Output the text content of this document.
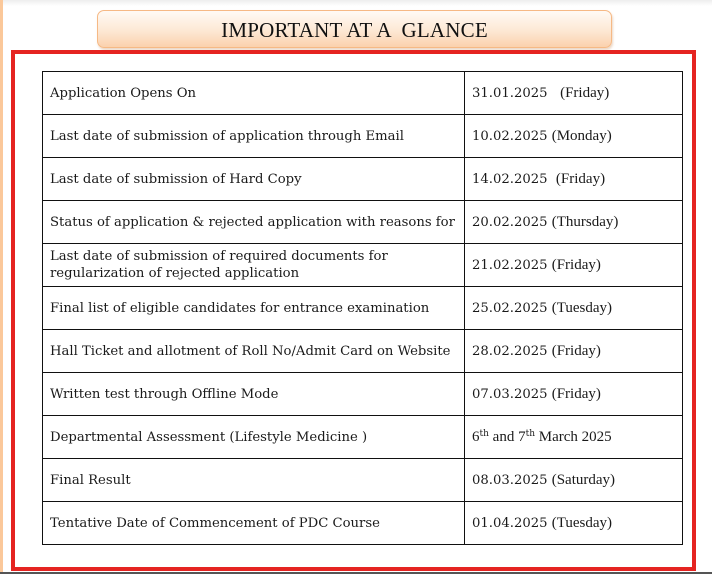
IMPORTANT AT A  GLANCE
Application Opens On	31.01.2025 (Friday)
Last date of submission of application through Email	10.02.2025 (Monday)
Last date of submission of Hard Copy	14.02.2025 (Friday)
Status of application & rejected application with reasons for	20.02.2025 (Thursday)
Last date of submission of required documents for regularization of rejected application	21.02.2025 (Friday)
Final list of eligible candidates for entrance examination	25.02.2025 (Tuesday)
Hall Ticket and allotment of Roll No/Admit Card on Website	28.02.2025 (Friday)
Written test through Offline Mode	07.03.2025 (Friday)
Departmental Assessment (Lifestyle Medicine )	6th and 7th March 2025
Final Result	08.03.2025 (Saturday)
Tentative Date of Commencement of PDC Course	01.04.2025 (Tuesday)
